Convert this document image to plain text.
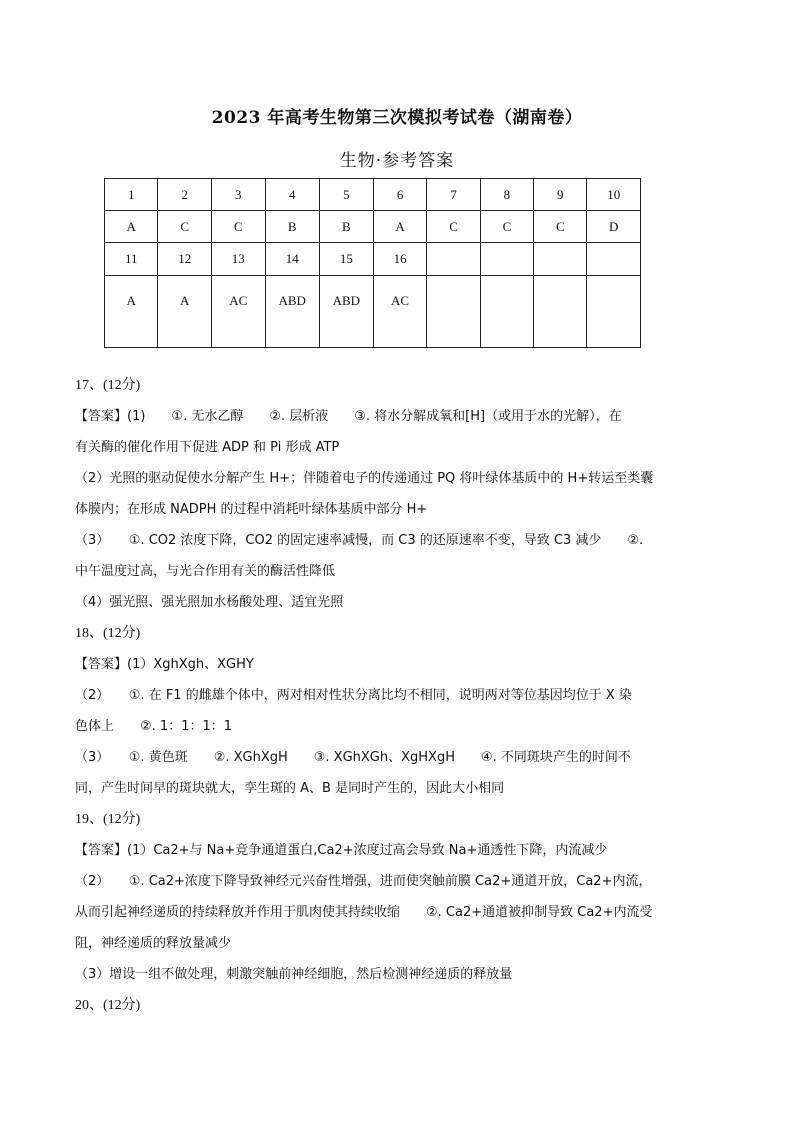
2023 年高考生物第三次模拟考试卷（湖南卷）
生物·参考答案
1	2	3	4	5	6	7	8	9	10
A	C	C	B	B	A	C	C	C	D
11	12	13	14	15	16				
A	A	AC	ABD	ABD	AC				
17、(12分)
【答案】(1)　　①. 无水乙醇　　②. 层析液　　③. 将水分解成氧和[H]（或用于水的光解），在
有关酶的催化作用下促进 ADP 和 Pi 形成 ATP
（2）光照的驱动促使水分解产生 H+；伴随着电子的传递通过 PQ 将叶绿体基质中的 H+转运至类囊
体膜内；在形成 NADPH 的过程中消耗叶绿体基质中部分 H+
（3）　　①. CO2 浓度下降，CO2 的固定速率减慢，而 C3 的还原速率不变，导致 C3 减少　　②.
中午温度过高，与光合作用有关的酶活性降低
（4）强光照、强光照加水杨酸处理、适宜光照
18、(12分)
【答案】(1）XghXgh、XGHY
（2）　　①. 在 F1 的雌雄个体中，两对相对性状分离比均不相同，说明两对等位基因均位于 X 染
色体上　　②. 1：1：1：1
（3）　　①. 黄色斑　　②. XGhXgH　　③. XGhXGh、XgHXgH　　④. 不同斑块产生的时间不
同，产生时间早的斑块就大，孪生斑的 A、B 是同时产生的，因此大小相同
19、(12分)
【答案】(1）Ca2+与 Na+竞争通道蛋白,Ca2+浓度过高会导致 Na+通透性下降，内流减少
（2）　　①. Ca2+浓度下降导致神经元兴奋性增强，进而使突触前膜 Ca2+通道开放，Ca2+内流，
从而引起神经递质的持续释放并作用于肌肉使其持续收缩　　②. Ca2+通道被抑制导致 Ca2+内流受
阻，神经递质的释放量减少
（3）增设一组不做处理，刺激突触前神经细胞，然后检测神经递质的释放量
20、(12分)
